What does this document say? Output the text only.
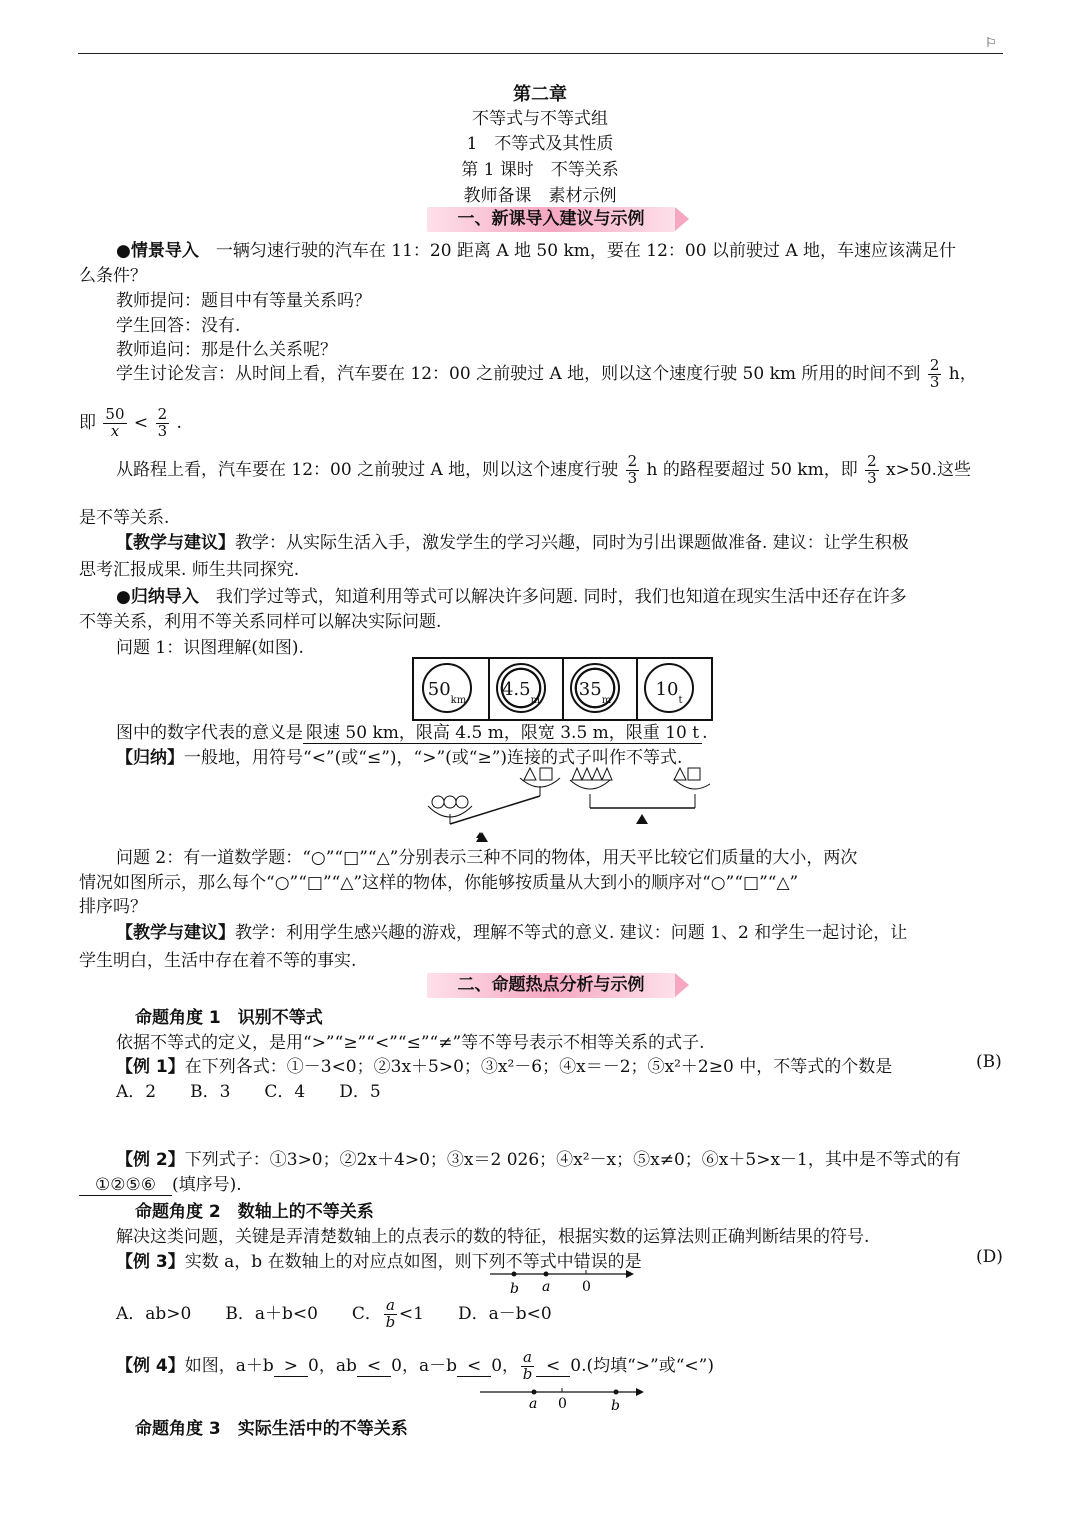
⚐
第二章
不等式与不等式组
1　不等式及其性质
第 1 课时　不等关系
教师备课　素材示例
一、新课导入建议与示例
●情景导入　一辆匀速行驶的汽车在 11：20 距离 A 地 50 km，要在 12：00 以前驶过 A 地，车速应该满足什
么条件？
教师提问：题目中有等量关系吗？
学生回答：没有.
教师追问：那是什么关系呢？
学生讨论发言：从时间上看，汽车要在 12：00 之前驶过 A 地，则以这个速度行驶 50 km 所用的时间不到 $\frac{2}{3}$ h，
即 $\frac{50}{x} < \frac{2}{3}$ .
从路程上看，汽车要在 12：00 之前驶过 A 地，则以这个速度行驶 $\frac{2}{3}$ h 的路程要超过 50 km，即 $\frac{2}{3} x>50$.这些
是不等关系.
【教学与建议】教学：从实际生活入手，激发学生的学习兴趣，同时为引出课题做准备. 建议：让学生积极
思考汇报成果. 师生共同探究.
●归纳导入　我们学过等式，知道利用等式可以解决许多问题. 同时，我们也知道在现实生活中还存在许多
不等关系，利用不等关系同样可以解决实际问题.
问题 1：识图理解(如图).
$50_{km}$
$4.5_m$
$35_m$
$10_t$
图中的数字代表的意义是 限速 50 km，限高 4.5 m，限宽 3.5 m，限重 10 t .
【归纳】一般地，用符号“<”(或“≤”)，“>”(或“≥”)连接的式子叫作不等式.
问题 2：有一道数学题：“○”“□”“△”分别表示三种不同的物体，用天平比较它们质量的大小，两次
情况如图所示，那么每个“○”“□”“△”这样的物体，你能够按质量从大到小的顺序对“○”“□”“△”
排序吗？
【教学与建议】教学：利用学生感兴趣的游戏，理解不等式的意义. 建议：问题 1、2 和学生一起讨论，让
学生明白，生活中存在着不等的事实.
二、命题热点分析与示例
命题角度 1　识别不等式
依据不等式的定义，是用“>”“≥”“<”“≤”“≠”等不等号表示不相等关系的式子.
【例 1】在下列各式：①－3<0；②3x＋5>0；③x²－6；④x＝－2；⑤x²＋2≥0 中，不等式的个数是	(B)
A．2　　B．3　　C．4　　D．5
【例 2】下列式子：①3>0；②2x＋4>0；③x＝2 026；④x²－x；⑤x≠0；⑥x＋5>x－1，其中是不等式的有
①②⑤⑥ (填序号).
命题角度 2　数轴上的不等关系
解决这类问题，关键是弄清楚数轴上的点表示的数的特征，根据实数的运算法则正确判断结果的符号.
【例 3】实数 a，b 在数轴上的对应点如图，则下列不等式中错误的是	(D)
b a 0
A．ab>0　　B．a＋b<0　　C． $\frac{a}{b} <1$　　D．a－b<0
【例 4】如图，a＋b > 0，ab < 0，a－b < 0， $\frac{a}{b} < 0$.(均填“>”或“<”)
a 0	b
命题角度 3　实际生活中的不等关系
